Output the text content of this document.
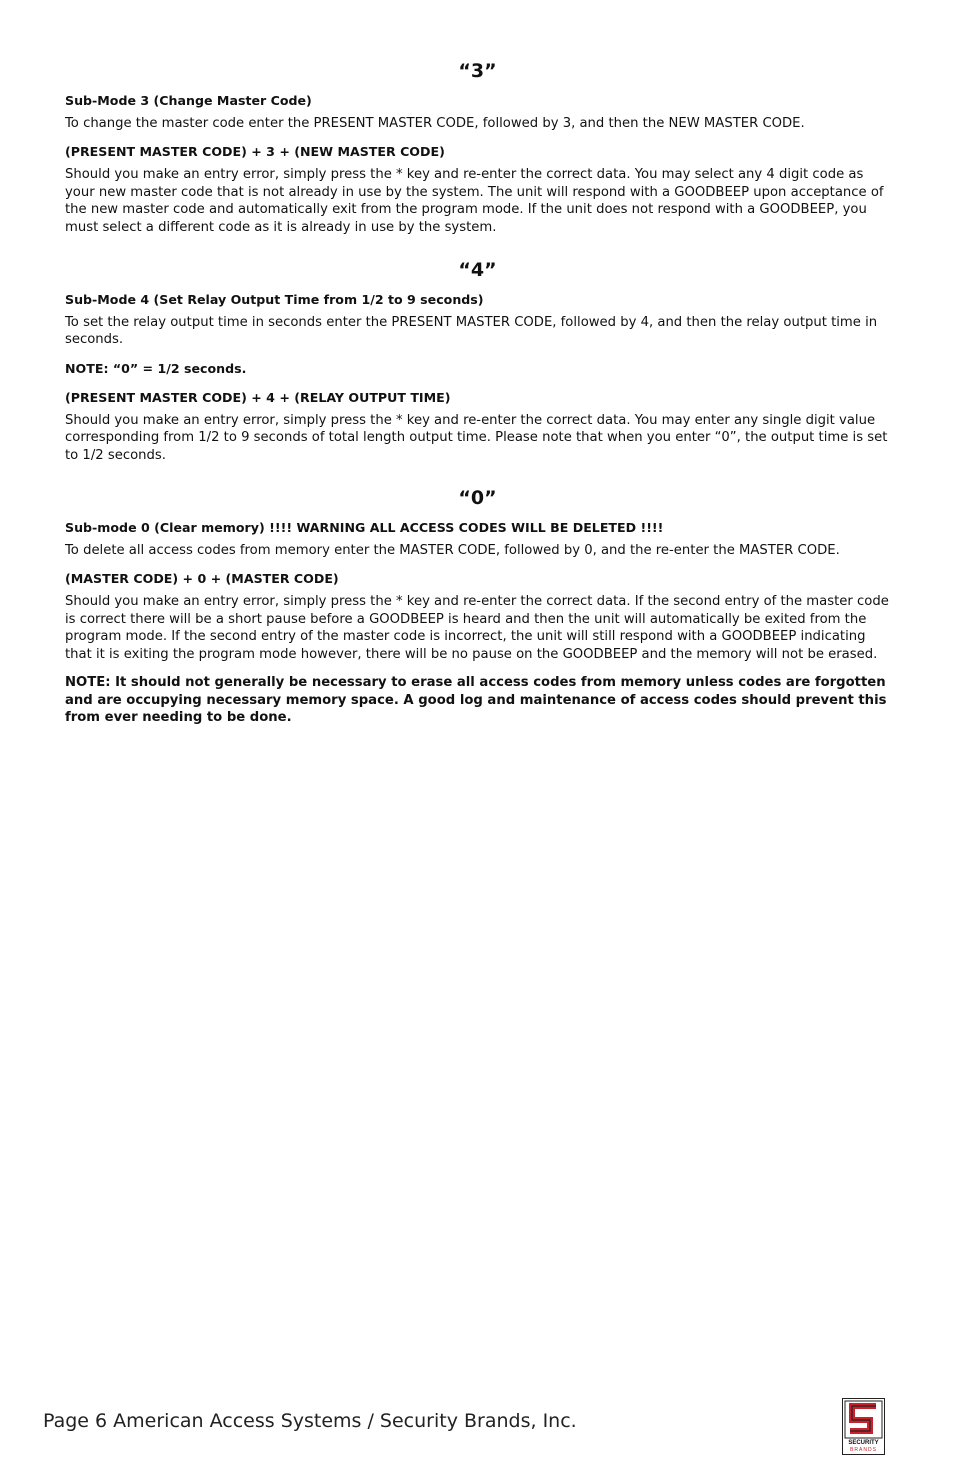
“3”
Sub-Mode 3 (Change Master Code)
To change the master code enter the PRESENT MASTER CODE, followed by 3, and then the NEW MASTER CODE.
(PRESENT MASTER CODE) + 3 + (NEW MASTER CODE)
Should you make an entry error, simply press the * key and re-enter the correct data. You may select any 4 digit code as your new master code that is not already in use by the system. The unit will respond with a GOODBEEP upon acceptance of the new master code and automatically exit from the program mode. If the unit does not respond with a GOODBEEP, you must select a different code as it is already in use by the system.
“4”
Sub-Mode 4 (Set Relay Output Time from 1/2 to 9 seconds)
To set the relay output time in seconds enter the PRESENT MASTER CODE, followed by 4, and then the relay output time in seconds.
NOTE: “0” = 1/2 seconds.
(PRESENT MASTER CODE) + 4 + (RELAY OUTPUT TIME)
Should you make an entry error, simply press the * key and re-enter the correct data. You may enter any single digit value corresponding from 1/2 to 9 seconds of total length output time. Please note that when you enter “0”, the output time is set to 1/2 seconds.
“0”
Sub-mode 0 (Clear memory) !!!! WARNING ALL ACCESS CODES WILL BE DELETED !!!!
To delete all access codes from memory enter the MASTER CODE, followed by 0, and the re-enter the MASTER CODE.
(MASTER CODE) + 0 + (MASTER CODE)
Should you make an entry error, simply press the * key and re-enter the correct data. If the second entry of the master code is correct there will be a short pause before a GOODBEEP is heard and then the unit will automatically be exited from the program mode. If the second entry of the master code is incorrect, the unit will still respond with a GOODBEEP indicating that it is exiting the program mode however, there will be no pause on the GOODBEEP and the memory will not be erased.
NOTE: It should not generally be necessary to erase all access codes from memory unless codes are forgotten and are occupying necessary memory space. A good log and maintenance of access codes should prevent this from ever needing to be done.
Page 6 American Access Systems / Security Brands, Inc.
SECURITY
BRANDS
